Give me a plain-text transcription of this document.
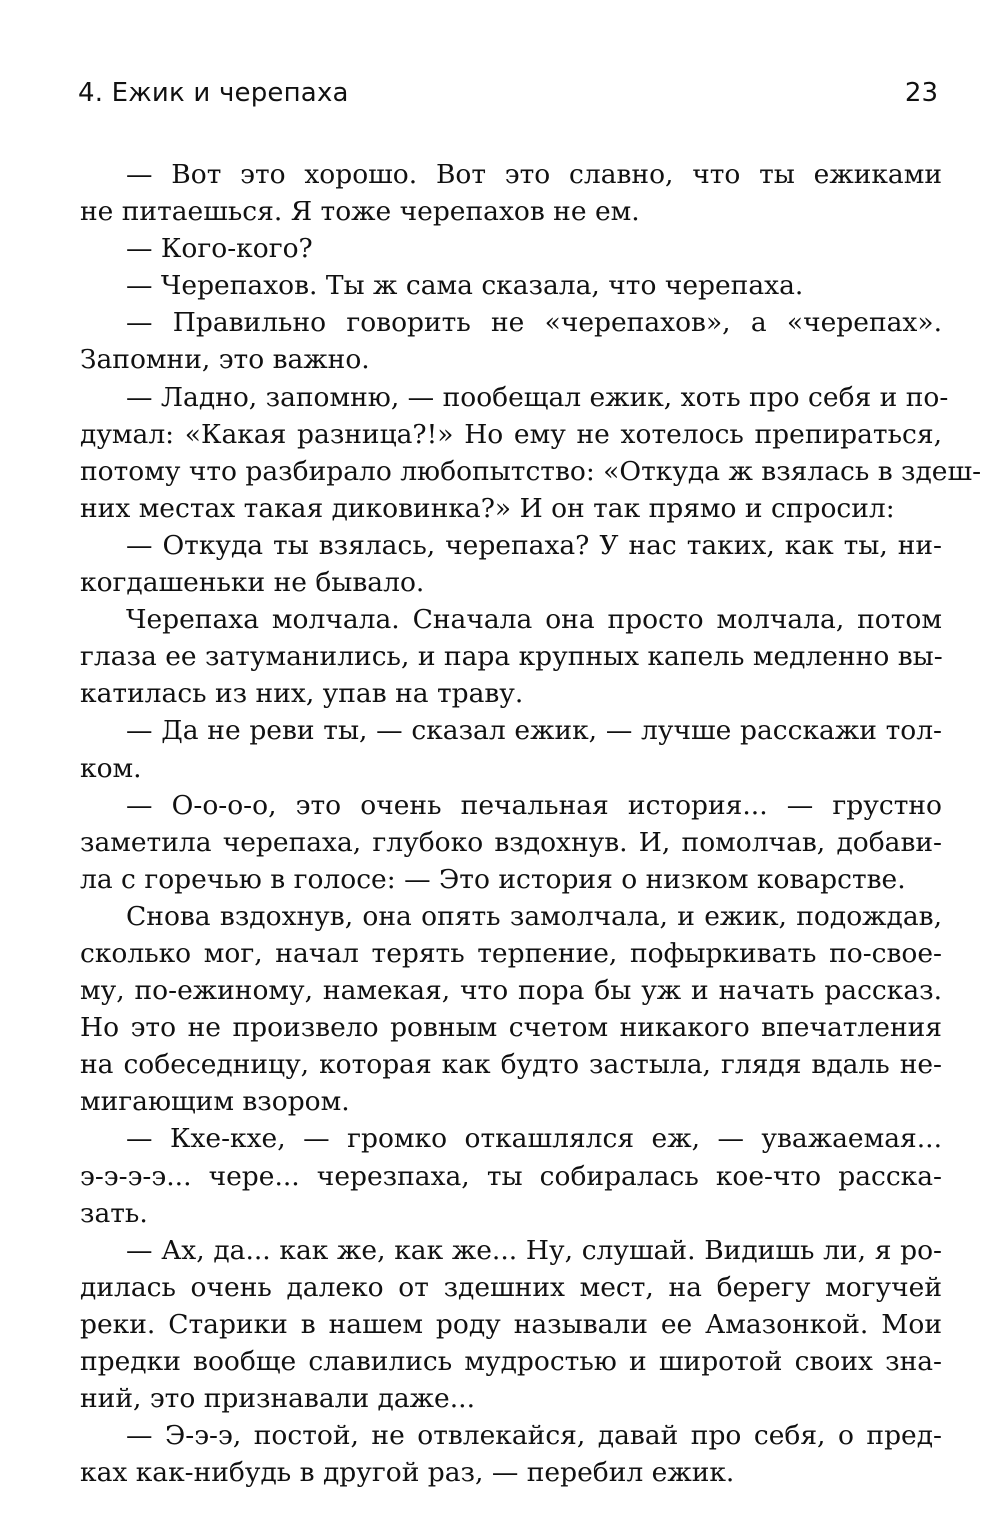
4. Ежик и черепаха	23
— Вот это хорошо. Вот это славно, что ты ежиками
не питаешься. Я тоже черепахов не ем.
— Кого-кого?
— Черепахов. Ты ж сама сказала, что черепаха.
— Правильно говорить не «черепахов», а «черепах».
Запомни, это важно.
— Ладно, запомню, — пообещал ежик, хоть про себя и по-
думал: «Какая разница?!» Но ему не хотелось препираться,
потому что разбирало любопытство: «Откуда ж взялась в здеш-
них местах такая диковинка?» И он так прямо и спросил:
— Откуда ты взялась, черепаха? У нас таких, как ты, ни-
когдашеньки не бывало.
Черепаха молчала. Сначала она просто молчала, потом
глаза ее затуманились, и пара крупных капель медленно вы-
катилась из них, упав на траву.
— Да не реви ты, — сказал ежик, — лучше расскажи тол-
ком.
— О-о-о-о, это очень печальная история... — грустно
заметила черепаха, глубоко вздохнув. И, помолчав, добави-
ла с горечью в голосе: — Это история о низком коварстве.
Снова вздохнув, она опять замолчала, и ежик, подождав,
сколько мог, начал терять терпение, пофыркивать по-свое-
му, по-ежиному, намекая, что пора бы уж и начать рассказ.
Но это не произвело ровным счетом никакого впечатления
на собеседницу, которая как будто застыла, глядя вдаль не-
мигающим взором.
— Кхе-кхе, — громко откашлялся еж, — уважаемая...
э-э-э-э... чере... черезпаха, ты собиралась кое-что расска-
зать.
— Ах, да... как же, как же... Ну, слушай. Видишь ли, я ро-
дилась очень далеко от здешних мест, на берегу могучей
реки. Старики в нашем роду называли ее Амазонкой. Мои
предки вообще славились мудростью и широтой своих зна-
ний, это признавали даже...
— Э-э-э, постой, не отвлекайся, давай про себя, о пред-
ках как-нибудь в другой раз, — перебил ежик.
